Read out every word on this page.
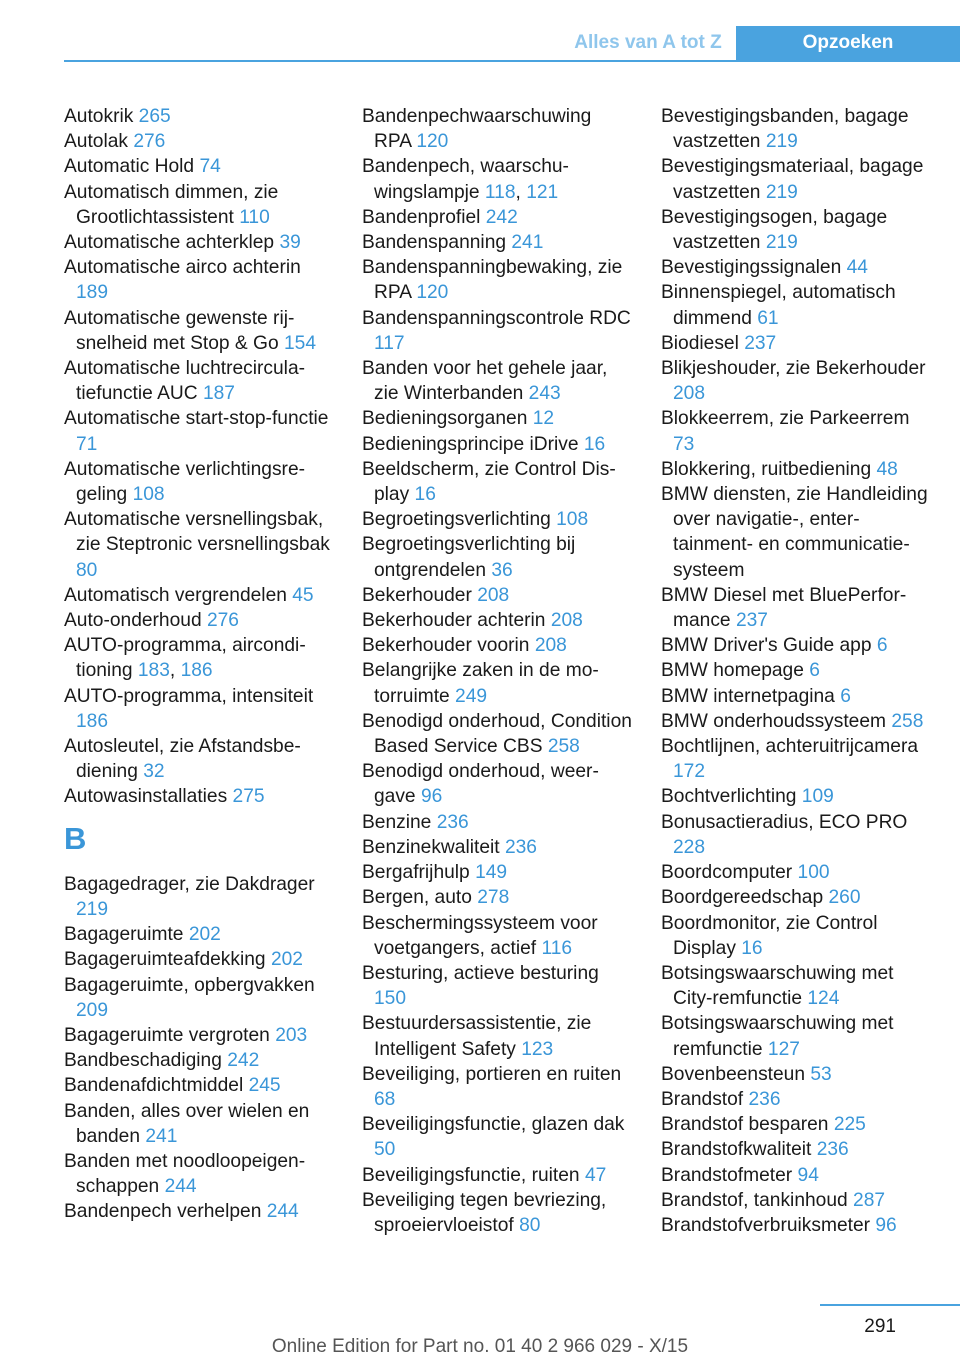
Alles van A tot Z	Opzoeken
Autokrik 265
Autolak 276
Automatic Hold 74
Automatisch dimmen, zie Grootlichtassistent 110
Automatische achterklep 39
Automatische airco achterin 189
Automatische gewenste rijsnelheid met Stop & Go 154
Automatische luchtrecirculatiefunctie AUC 187
Automatische start-stop-functie 71
Automatische verlichtingsregeling 108
Automatische versnellingsbak, zie Steptronic versnellingsbak 80
Automatisch vergrendelen 45
Auto-onderhoud 276
AUTO-programma, airconditioning 183, 186
AUTO-programma, intensiteit 186
Autosleutel, zie Afstandsbediening 32
Autowasinstallaties 275
B
Bagagedrager, zie Dakdrager 219
Bagageruimte 202
Bagageruimteafdekking 202
Bagageruimte, opbergvakken 209
Bagageruimte vergroten 203
Bandbeschadiging 242
Bandenafdichtmiddel 245
Banden, alles over wielen en banden 241
Banden met noodloopeigenschappen 244
Bandenpech verhelpen 244
Bandenpechwaarschuwing RPA 120
Bandenpech, waarschuwingslampje 118, 121
Bandenprofiel 242
Bandenspanning 241
Bandenspanningbewaking, zie RPA 120
Bandenspanningscontrole RDC 117
Banden voor het gehele jaar, zie Winterbanden 243
Bedieningsorganen 12
Bedieningsprincipe iDrive 16
Beeldscherm, zie Control Display 16
Begroetingsverlichting 108
Begroetingsverlichting bij ontgrendelen 36
Bekerhouder 208
Bekerhouder achterin 208
Bekerhouder voorin 208
Belangrijke zaken in de motorruimte 249
Benodigd onderhoud, Condition Based Service CBS 258
Benodigd onderhoud, weergave 96
Benzine 236
Benzinekwaliteit 236
Bergafrijhulp 149
Bergen, auto 278
Beschermingssysteem voor voetgangers, actief 116
Besturing, actieve besturing 150
Bestuurdersassistentie, zie Intelligent Safety 123
Beveiliging, portieren en ruiten 68
Beveiligingsfunctie, glazen dak 50
Beveiligingsfunctie, ruiten 47
Beveiliging tegen bevriezing, sproeiervloeistof 80
Bevestigingsbanden, bagage vastzetten 219
Bevestigingsmateriaal, bagage vastzetten 219
Bevestigingsogen, bagage vastzetten 219
Bevestigingssignalen 44
Binnenspiegel, automatisch dimmend 61
Biodiesel 237
Blikjeshouder, zie Bekerhouder 208
Blokkeerrem, zie Parkeerrem 73
Blokkering, ruitbediening 48
BMW diensten, zie Handleiding over navigatie-, entertainment- en communicatiesysteem
BMW Diesel met BluePerformance 237
BMW Driver's Guide app 6
BMW homepage 6
BMW internetpagina 6
BMW onderhoudssysteem 258
Bochtlijnen, achteruitrijcamera 172
Bochtverlichting 109
Bonusactieradius, ECO PRO 228
Boordcomputer 100
Boordgereedschap 260
Boordmonitor, zie Control Display 16
Botsingswaarschuwing met City-remfunctie 124
Botsingswaarschuwing met remfunctie 127
Bovenbeensteun 53
Brandstof 236
Brandstof besparen 225
Brandstofkwaliteit 236
Brandstofmeter 94
Brandstof, tankinhoud 287
Brandstofverbruiksmeter 96
291
Online Edition for Part no. 01 40 2 966 029 - X/15
